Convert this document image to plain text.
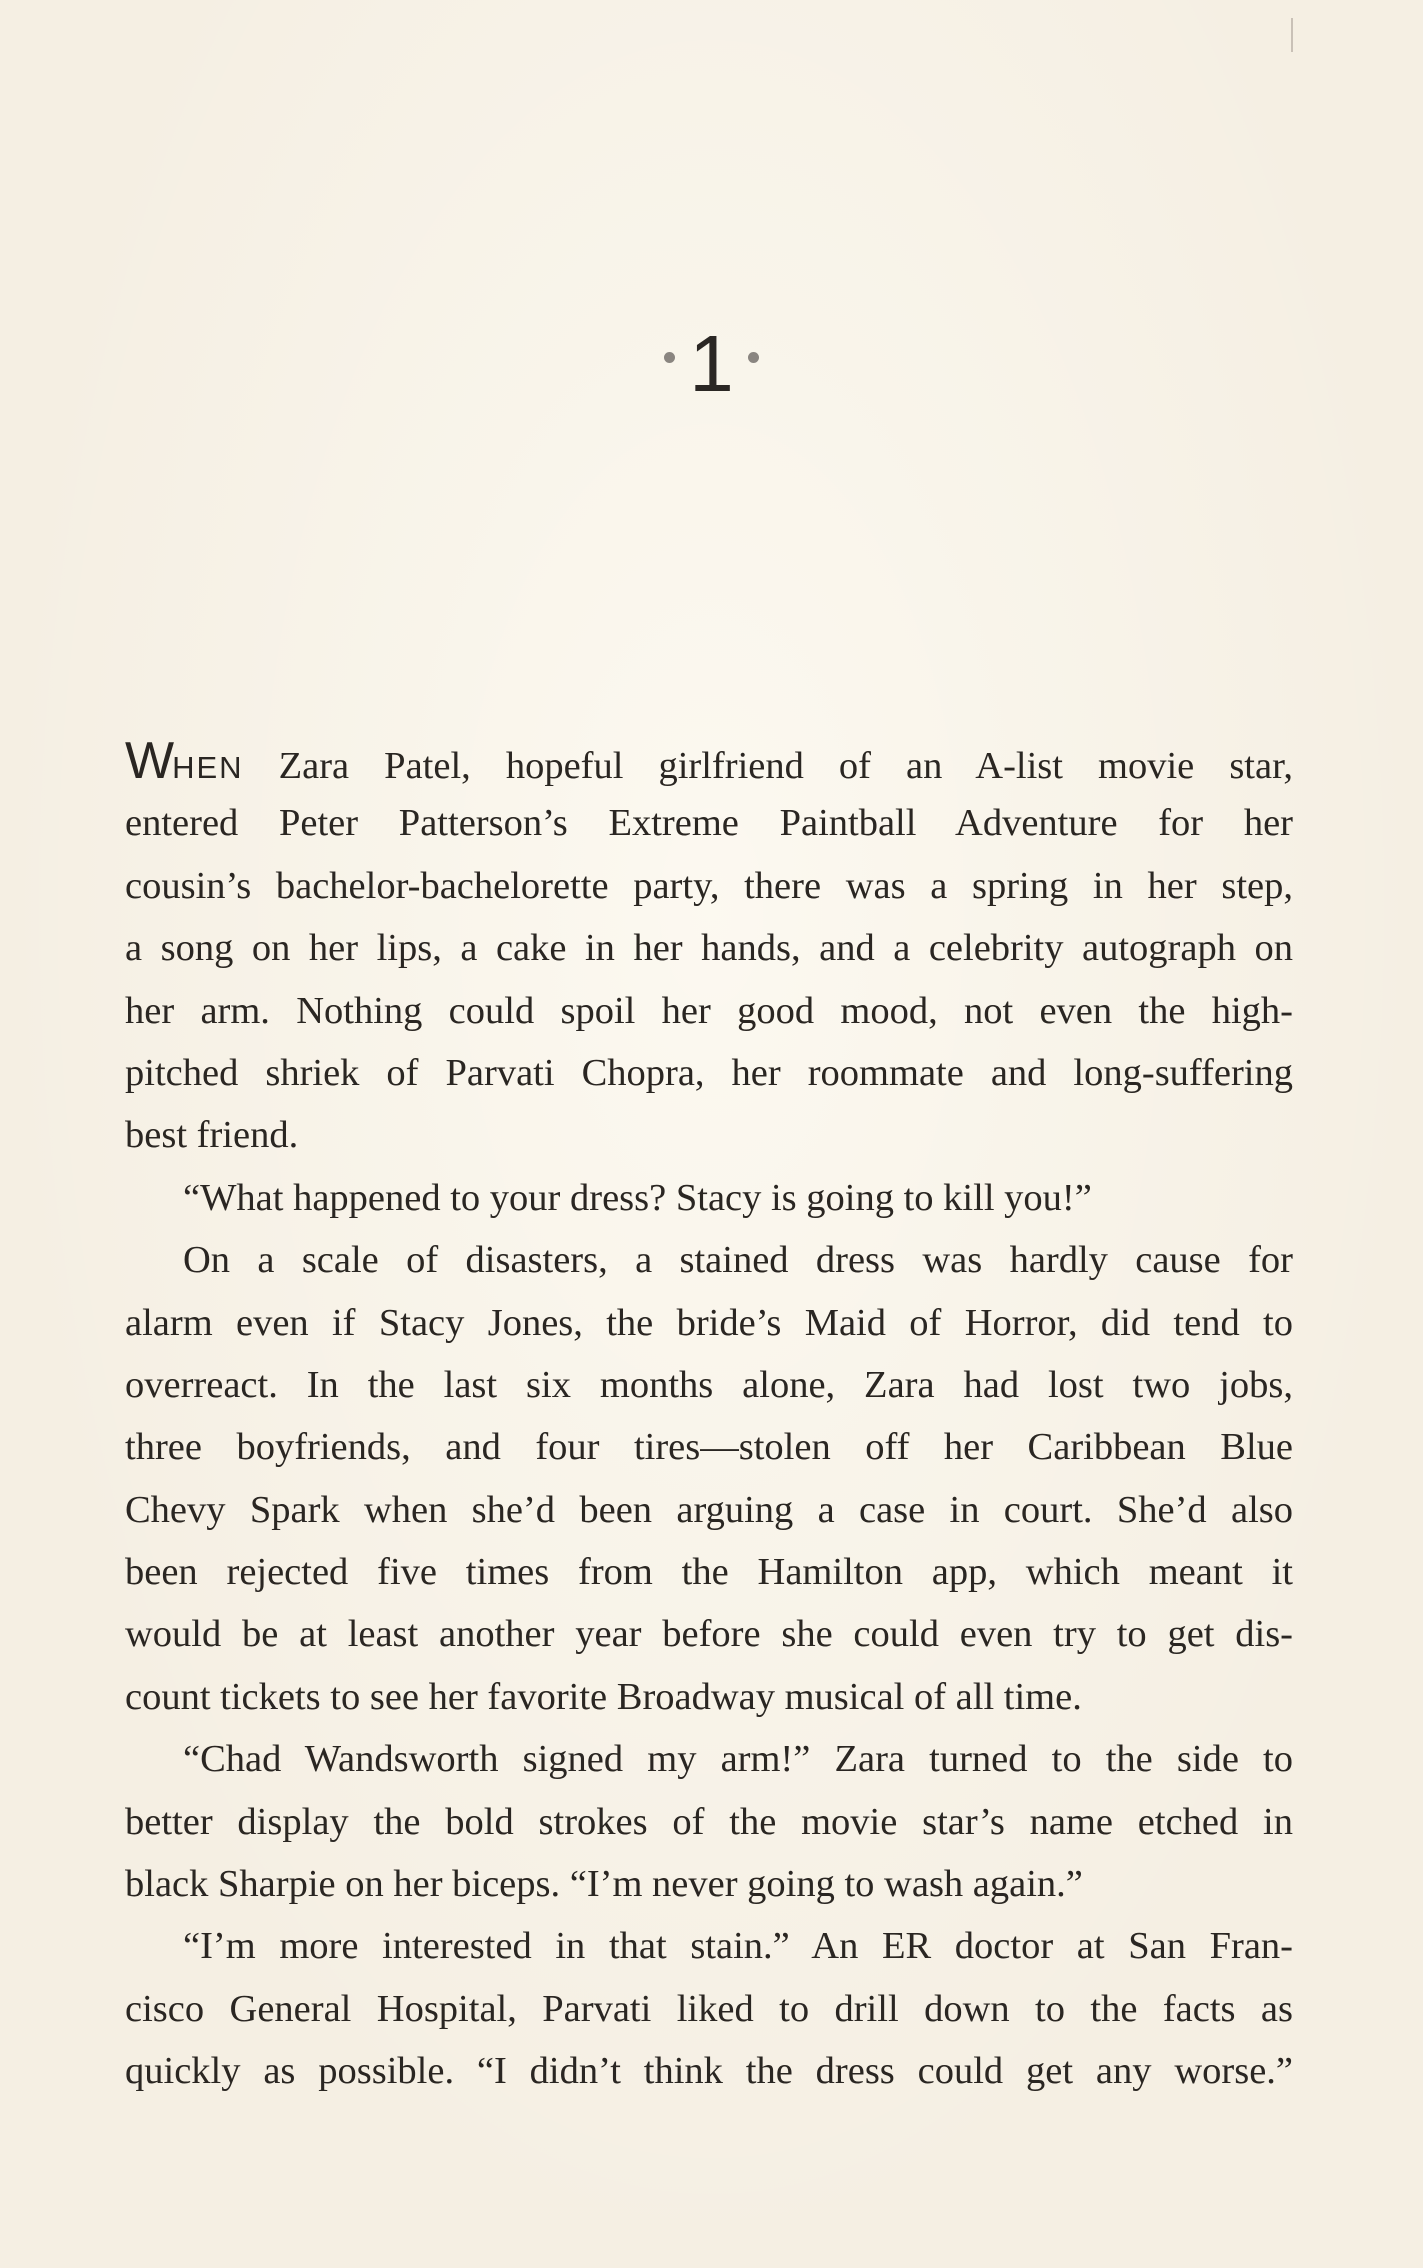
1
WHEN Zara Patel, hopeful girlfriend of an A-list movie star,
entered Peter Patterson’s Extreme Paintball Adventure for her
cousin’s bachelor-bachelorette party, there was a spring in her step,
a song on her lips, a cake in her hands, and a celebrity autograph on
her arm. Nothing could spoil her good mood, not even the high-
pitched shriek of Parvati Chopra, her roommate and long-suffering
best friend.
“What happened to your dress? Stacy is going to kill you!”
On a scale of disasters, a stained dress was hardly cause for
alarm even if Stacy Jones, the bride’s Maid of Horror, did tend to
overreact. In the last six months alone, Zara had lost two jobs,
three boyfriends, and four tires—stolen off her Caribbean Blue
Chevy Spark when she’d been arguing a case in court. She’d also
been rejected five times from the Hamilton app, which meant it
would be at least another year before she could even try to get dis-
count tickets to see her favorite Broadway musical of all time.
“Chad Wandsworth signed my arm!” Zara turned to the side to
better display the bold strokes of the movie star’s name etched in
black Sharpie on her biceps. “I’m never going to wash again.”
“I’m more interested in that stain.” An ER doctor at San Fran-
cisco General Hospital, Parvati liked to drill down to the facts as
quickly as possible. “I didn’t think the dress could get any worse.”
